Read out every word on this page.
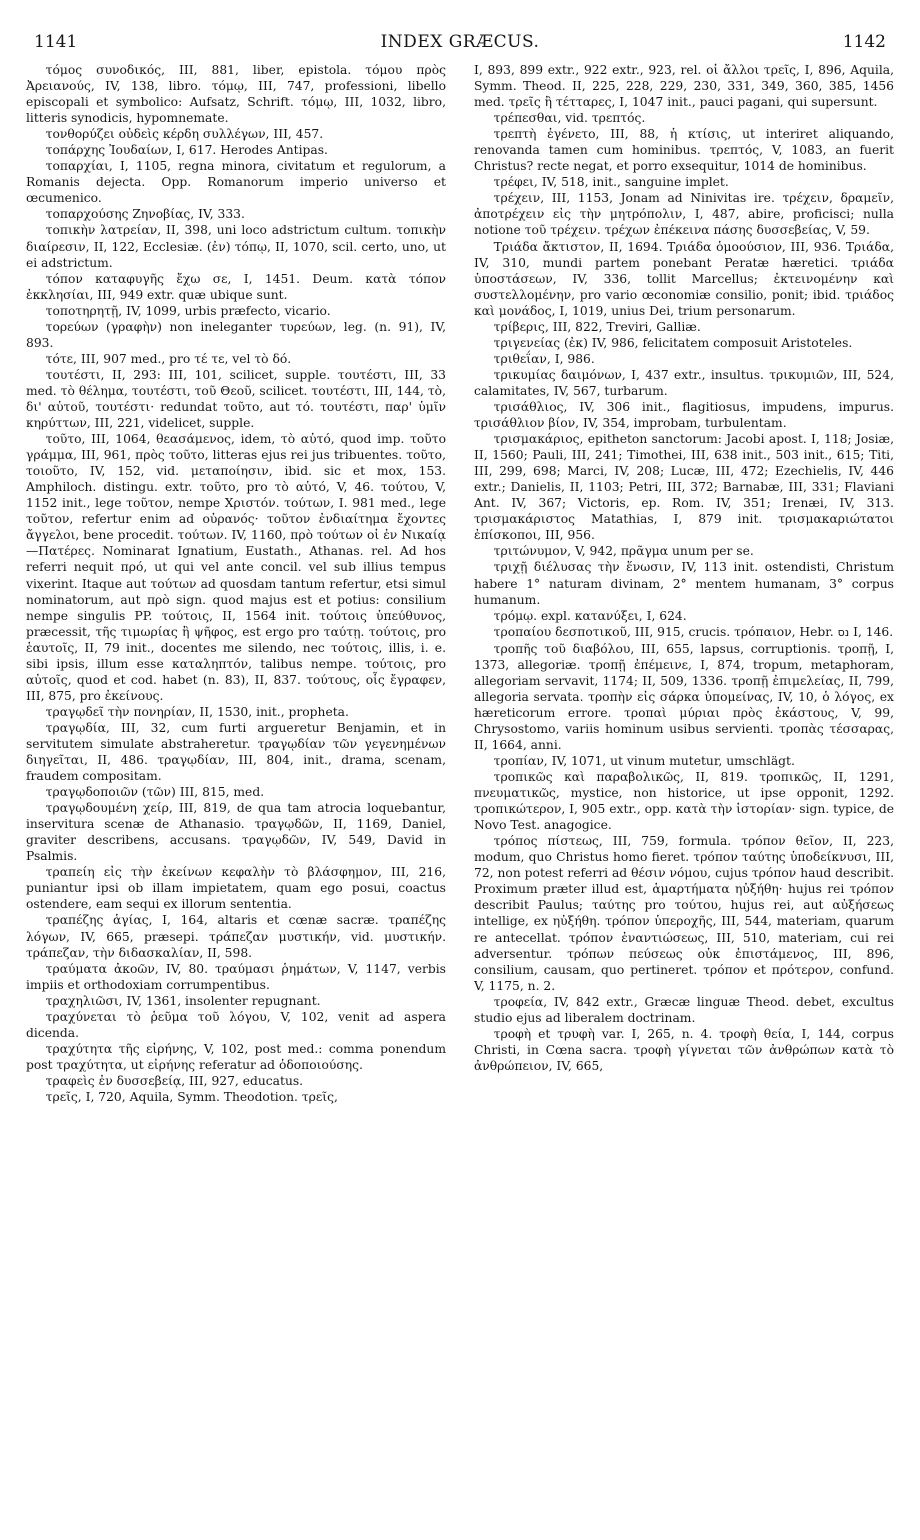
1141	INDEX GRÆCUS.	1142

τόμος συνοδικός, III, 881, liber, epistola. τόμου πρὸς Ἀρειανούς, IV, 138, libro. τόμῳ, III, 747, professioni, libello episcopali et symbolico: Aufsatz, Schrift. τόμῳ, III, 1032, libro, litteris synodicis, hypomnemate.

τονθορύζει οὐδεὶς κέρδη συλλέγων, III, 457.

τοπάρχης Ἰουδαίων, I, 617. Herodes Antipas.

τοπαρχίαι, I, 1105, regna minora, civitatum et regulorum, a Romanis dejecta. Opp. Romanorum imperio universo et œcumenico.

τοπαρχούσης Ζηνοβίας, IV, 333.

τοπικὴν λατρείαν, II, 398, uni loco adstrictum cultum. τοπικὴν διαίρεσιν, II, 122, Ecclesiæ. (ἐν) τόπῳ, II, 1070, scil. certo, uno, ut ei adstrictum.

τόπον καταφυγῆς ἔχω σε, I, 1451. Deum. κατὰ τόπον ἐκκλησίαι, III, 949 extr. quæ ubique sunt.

τοποτηρητῇ, IV, 1099, urbis præfecto, vicario.

τορεύων (γραφὴν) non ineleganter τυρεύων, leg. (n. 91), IV, 893.

τότε, III, 907 med., pro τέ τε, vel τὸ δό.

τουτέστι, II, 293: III, 101, scilicet, supple. τουτέστι, III, 33 med. τὸ θέλημα, τουτέστι, τοῦ Θεοῦ, scilicet. τουτέστι, III, 144, τὸ, δι' αὐτοῦ, τουτέστι· redundat τοῦτο, aut τό. τουτέστι, παρ' ὑμῖν κηρύττων, III, 221, videlicet, supple.

τοῦτο, III, 1064, θεασάμενος, idem, τὸ αὐτό, quod imp. τοῦτο γράμμα, III, 961, πρὸς τοῦτο, litteras ejus rei jus tribuentes. τοῦτο, τοιοῦτο, IV, 152, vid. μεταποίησιν, ibid. sic et mox, 153. Amphiloch. distingu. extr. τοῦτο, pro τὸ αὐτό, V, 46. τούτου, V, 1152 init., lege τοῦτον, nempe Χριστόν. τούτων, I. 981 med., lege τοῦτον, refertur enim ad οὐρανός· τοῦτον ἐνδιαίτημα ἔχοντες ἄγγελοι, bene procedit. τούτων. IV, 1160, πρὸ τούτων οἱ ἐν Νικαίᾳ—Πατέρες. Nominarat Ignatium, Eustath., Athanas. rel. Ad hos referri nequit πρό, ut qui vel ante concil. vel sub illius tempus vixerint. Itaque aut τούτων ad quosdam tantum refertur, etsi simul nominatorum, aut πρὸ sign. quod majus est et potius: consilium nempe singulis PP. τούτοις, II, 1564 init. τούτοις ὑπεύθυνος, præcessit, τῆς τιμωρίας ἢ ψῆφος, est ergo pro ταύτῃ. τούτοις, pro ἑαυτοῖς, II, 79 init., docentes me silendo, nec τούτοις, illis, i. e. sibi ipsis, illum esse καταληπτόν, talibus nempe. τούτοις, pro αὐτοῖς, quod et cod. habet (n. 83), II, 837. τούτους, οἷς ἔγραφεν, III, 875, pro ἐκείνους.

τραγῳδεῖ τὴν πονηρίαν, II, 1530, init., propheta.

τραγῳδία, III, 32, cum furti argueretur Benjamin, et in servitutem simulate abstraheretur. τραγῳδίαν τῶν γεγενημένων διηγεῖται, II, 486. τραγῳδίαν, III, 804, init., drama, scenam, fraudem compositam.

τραγῳδοποιῶν (τῶν) III, 815, med.

τραγῳδουμένη χείρ, III, 819, de qua tam atrocia loquebantur, inservitura scenæ de Athanasio. τραγῳδῶν, II, 1169, Daniel, graviter describens, accusans. τραγῳδῶν, IV, 549, David in Psalmis.

τραπείη εἰς τὴν ἐκείνων κεφαλὴν τὸ βλάσφημον, III, 216, puniantur ipsi ob illam impietatem, quam ego posui, coactus ostendere, eam sequi ex illorum sententia.

τραπέζης ἁγίας, I, 164, altaris et cœnæ sacræ. τραπέζης λόγων, IV, 665, præsepi. τράπεζαν μυστικήν, vid. μυστικήν. τράπεζαν, τὴν διδασκαλίαν, II, 598.

τραύματα ἀκοῶν, IV, 80. τραύμασι ῥημάτων, V, 1147, verbis impiis et orthodoxiam corrumpentibus.

τραχηλιῶσι, IV, 1361, insolenter repugnant.

τραχύνεται τὸ ῥεῦμα τοῦ λόγου, V, 102, venit ad aspera dicenda.

τραχύτητα τῆς εἰρήνης, V, 102, post med.: comma ponendum post τραχύτητα, ut εἰρήνης referatur ad ὁδοποιούσης.

τραφεὶς ἐν δυσσεβείᾳ, III, 927, educatus.

τρεῖς, I, 720, Aquila, Symm. Theodotion. τρεῖς,

I, 893, 899 extr., 922 extr., 923, rel. οἱ ἄλλοι τρεῖς, I, 896, Aquila, Symm. Theod. II, 225, 228, 229, 230, 331, 349, 360, 385, 1456 med. τρεῖς ἢ τέτταρες, I, 1047 init., pauci pagani, qui supersunt.

τρέπεσθαι, vid. τρεπτός.

τρεπτὴ ἐγένετο, III, 88, ἡ κτίσις, ut interiret aliquando, renovanda tamen cum hominibus. τρεπτός, V, 1083, an fuerit Christus? recte negat, et porro exsequitur, 1014 de hominibus.

τρέφει, IV, 518, init., sanguine implet.

τρέχειν, III, 1153, Jonam ad Ninivitas ire. τρέχειν, δραμεῖν, ἀποτρέχειν εἰς τὴν μητρόπολιν, I, 487, abire, proficisci; nulla notione τοῦ τρέχειν. τρέχων ἐπέκεινα πάσης δυσσεβείας, V, 59.

Τριάδα ἄκτιστον, II, 1694. Τριάδα ὁμοούσιον, III, 936. Τριάδα, IV, 310, mundi partem ponebant Peratæ hæretici. τριάδα ὑποστάσεων, IV, 336, tollit Marcellus; ἐκτεινομένην καὶ συστελλομένην, pro vario œconomiæ consilio, ponit; ibid. τριάδος καὶ μονάδος, I, 1019, unius Dei, trium personarum.

τρίβερις, III, 822, Treviri, Galliæ.

τριγενείας (ἐκ) IV, 986, felicitatem composuit Aristoteles.

τριθεΐαν, I, 986.

τρικυμίας δαιμόνων, I, 437 extr., insultus. τρικυμιῶν, III, 524, calamitates, IV, 567, turbarum.

τρισάθλιος, IV, 306 init., flagitiosus, impudens, impurus. τρισάθλιον βίον, IV, 354, improbam, turbulentam.

τρισμακάριος, epitheton sanctorum: Jacobi apost. I, 118; Josiæ, II, 1560; Pauli, III, 241; Timothei, III, 638 init., 503 init., 615; Titi, III, 299, 698; Marci, IV, 208; Lucæ, III, 472; Ezechielis, IV, 446 extr.; Danielis, II, 1103; Petri, III, 372; Barnabæ, III, 331; Flaviani Ant. IV, 367; Victoris, ep. Rom. IV, 351; Irenæi, IV, 313. τρισμακάριστος Matathias, I, 879 init. τρισμακαριώτατοι ἐπίσκοποι, III, 956.

τριτώνυμον, V, 942, πρᾶγμα unum per se.

τριχῇ διέλυσας τὴν ἕνωσιν, IV, 113 init. ostendisti, Christum habere 1° naturam divinam, 2° mentem humanam, 3° corpus humanum.

τρόμῳ. expl. κατανύξει, I, 624.

τροπαίου δεσποτικοῦ, III, 915, crucis. τρόπαιον, Hebr. נס I, 146.

τροπῆς τοῦ διαβόλου, III, 655, lapsus, corruptionis. τροπῇ, I, 1373, allegoriæ. τροπῇ ἐπέμεινε, I, 874, tropum, metaphoram, allegoriam servavit, 1174; II, 509, 1336. τροπῇ ἐπιμελείας, II, 799, allegoria servata. τροπὴν εἰς σάρκα ὑπομείνας, IV, 10, ὁ λόγος, ex hæreticorum errore. τροπαὶ μύριαι πρὸς ἑκάστους, V, 99, Chrysostomo, variis hominum usibus servienti. τροπὰς τέσσαρας, II, 1664, anni.

τροπίαν, IV, 1071, ut vinum mutetur, umschlägt.

τροπικῶς καὶ παραβολικῶς, II, 819. τροπικῶς, II, 1291, πνευματικῶς, mystice, non historice, ut ipse opponit, 1292. τροπικώτερον, I, 905 extr., opp. κατὰ τὴν ἱστορίαν· sign. typice, de Novo Test. anagogice.

τρόπος πίστεως, III, 759, formula. τρόπον θεῖον, II, 223, modum, quo Christus homo fieret. τρόπον ταύτης ὑποδείκνυσι, III, 72, non potest referri ad θέσιν νόμου, cujus τρόπον haud describit. Proximum præter illud est, ἁμαρτήματα ηὐξήθη· hujus rei τρόπον describit Paulus; ταύτης pro τούτου, hujus rei, aut αὐξήσεως intellige, ex ηὐξήθη. τρόπον ὑπεροχῆς, III, 544, materiam, quarum re antecellat. τρόπον ἐναντιώσεως, III, 510, materiam, cui rei adversentur. τρόπων πεύσεως οὐκ ἐπιστάμενος, III, 896, consilium, causam, quo pertineret. τρόπον et πρότερον, confund. V, 1175, n. 2.

τροφεία, IV, 842 extr., Græcæ linguæ Theod. debet, excultus studio ejus ad liberalem doctrinam.

τροφὴ et τρυφὴ var. I, 265, n. 4. τροφὴ θεία, I, 144, corpus Christi, in Cœna sacra. τροφὴ γίγνεται τῶν ἀνθρώπων κατὰ τὸ ἀνθρώπειον, IV, 665,
